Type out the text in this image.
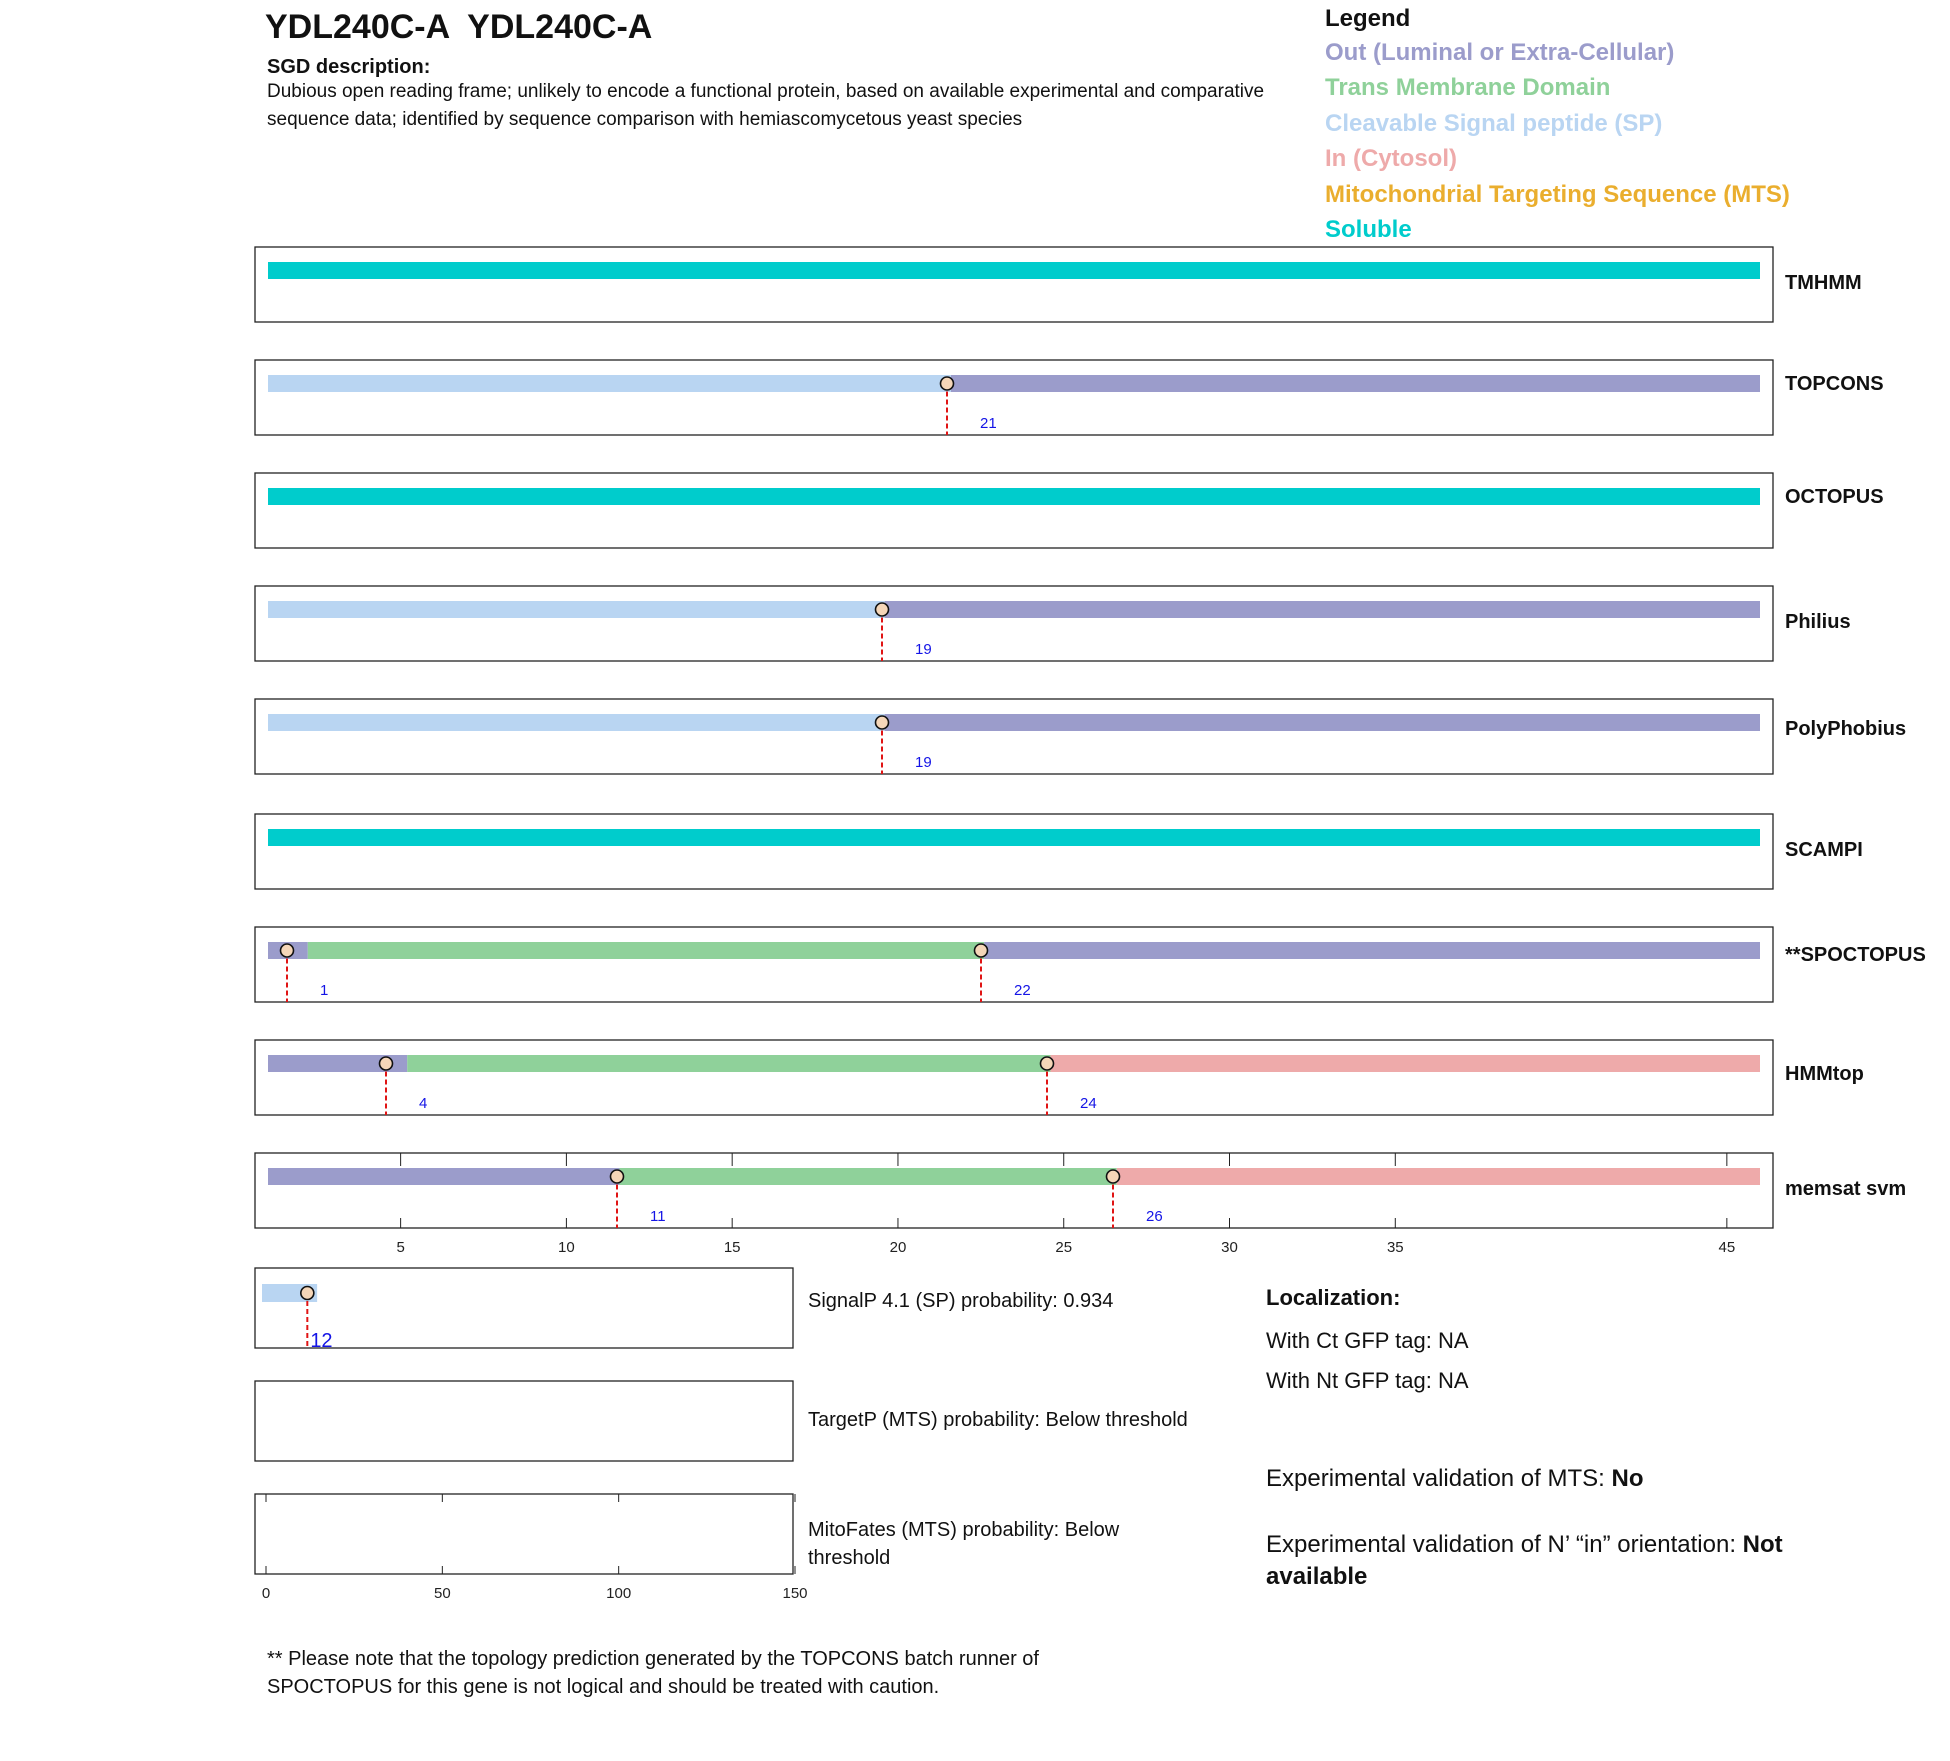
YDL240C-A  YDL240C-A
SGD description:
Dubious open reading frame; unlikely to encode a functional protein, based on available experimental and comparative sequence data; identified by sequence comparison with hemiascomycetous yeast species
Legend
Out (Luminal or Extra-Cellular)
Trans Membrane Domain
Cleavable Signal peptide (SP)
In (Cytosol)
Mitochondrial Targeting Sequence (MTS)
Soluble
TMHMM
21
TOPCONS
OCTOPUS
19
Philius
19
PolyPhobius
SCAMPI
1	22
**SPOCTOPUS
4	24
HMMtop
11	26
memsat svm
5	10	15	20	25	30	35	45
12
0	50	100	150
SignalP 4.1 (SP) probability: 0.934
TargetP (MTS) probability: Below threshold
MitoFates (MTS) probability: Below threshold
Localization:
With Ct GFP tag: NA
With Nt GFP tag: NA
Experimental validation of MTS: No
Experimental validation of N’ “in” orientation: Not available
** Please note that the topology prediction generated by the TOPCONS batch runner of SPOCTOPUS for this gene is not logical and should be treated with caution.
